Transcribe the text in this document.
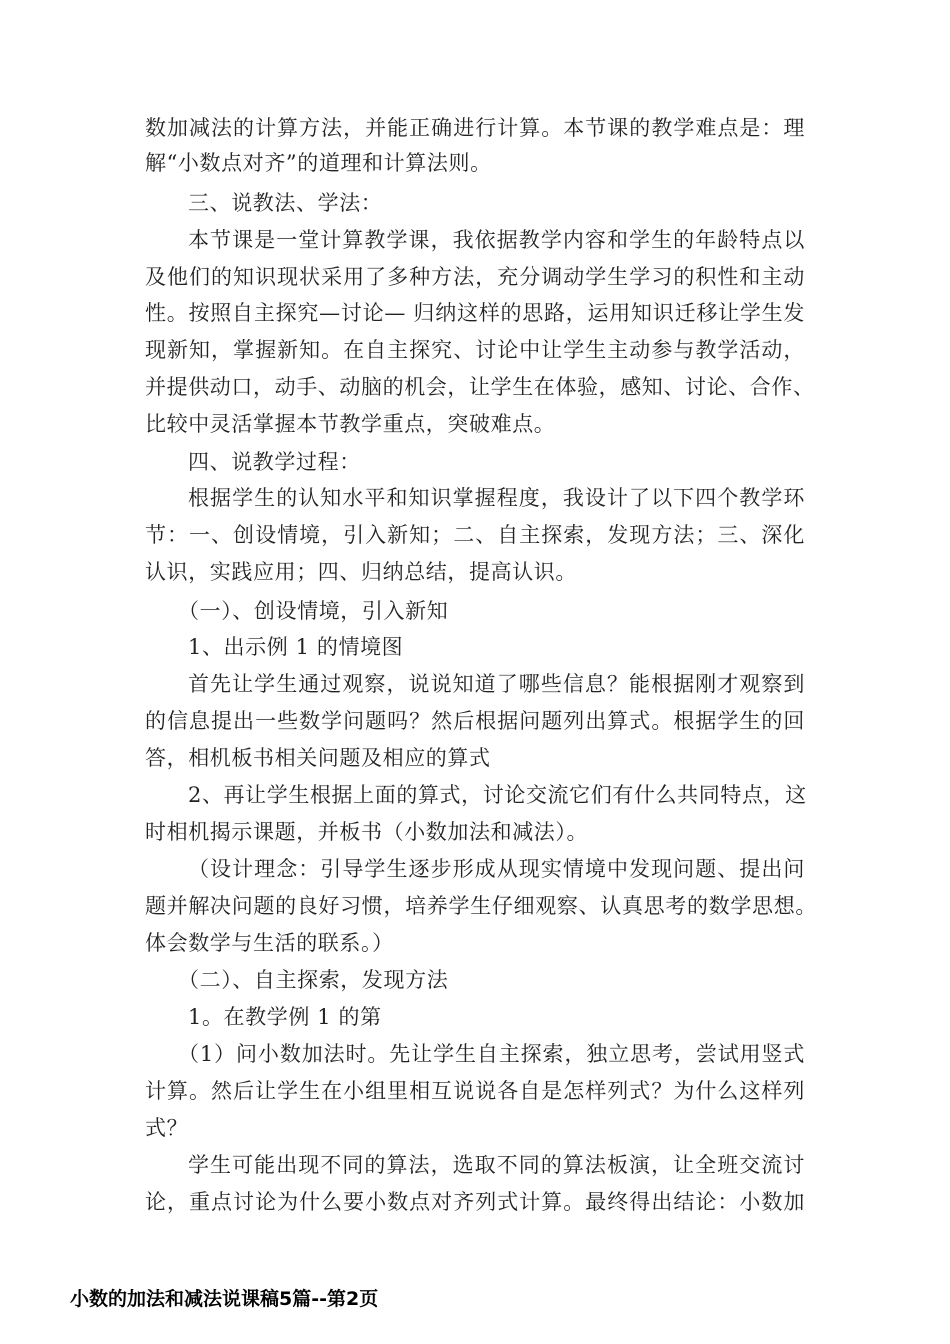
数加减法的计算方法，并能正确进行计算。本节课的教学难点是：理
解“小数点对齐”的道理和计算法则。
三、说教法、学法：
本节课是一堂计算教学课，我依据教学内容和学生的年龄特点以
及他们的知识现状采用了多种方法，充分调动学生学习的积性和主动
性。按照自主探究—讨论— 归纳这样的思路，运用知识迁移让学生发
现新知，掌握新知。在自主探究、讨论中让学生主动参与教学活动，
并提供动口，动手、动脑的机会，让学生在体验，感知、讨论、合作、
比较中灵活掌握本节教学重点，突破难点。
四、说教学过程：
根据学生的认知水平和知识掌握程度，我设计了以下四个教学环
节：一、创设情境，引入新知；二、自主探索，发现方法；三、深化
认识，实践应用；四、归纳总结，提高认识。
（一）、创设情境，引入新知
1、出示例 1 的情境图
首先让学生通过观察，说说知道了哪些信息？能根据刚才观察到
的信息提出一些数学问题吗？然后根据问题列出算式。根据学生的回
答，相机板书相关问题及相应的算式
2、再让学生根据上面的算式，讨论交流它们有什么共同特点，这
时相机揭示课题，并板书（小数加法和减法）。
（设计理念：引导学生逐步形成从现实情境中发现问题、提出问
题并解决问题的良好习惯，培养学生仔细观察、认真思考的数学思想。
体会数学与生活的联系。）
（二）、自主探索，发现方法
1。在教学例 1 的第
（1）问小数加法时。先让学生自主探索，独立思考，尝试用竖式
计算。然后让学生在小组里相互说说各自是怎样列式？为什么这样列
式？
学生可能出现不同的算法，选取不同的算法板演，让全班交流讨
论，重点讨论为什么要小数点对齐列式计算。最终得出结论：小数加
小数的加法和减法说课稿5篇--第2页
